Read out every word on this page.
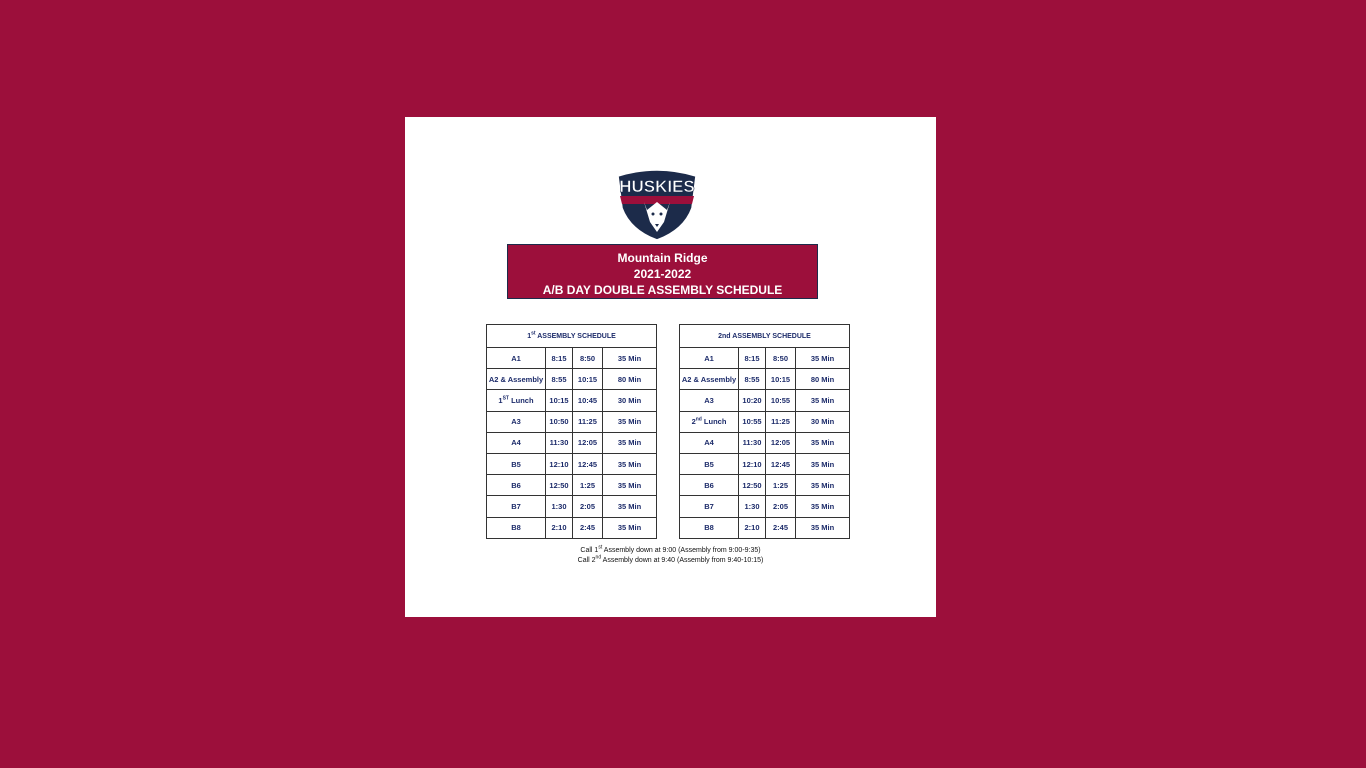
HUSKIES
Mountain Ridge
2021-2022
A/B DAY DOUBLE ASSEMBLY SCHEDULE
1st ASSEMBLY SCHEDULE			
A1	8:15	8:50	35 Min
A2 & Assembly	8:55	10:15	80 Min
1ST Lunch	10:15	10:45	30 Min
A3	10:50	11:25	35 Min
A4	11:30	12:05	35 Min
B5	12:10	12:45	35 Min
B6	12:50	1:25	35 Min
B7	1:30	2:05	35 Min
B8	2:10	2:45	35 Min
2nd ASSEMBLY SCHEDULE			
A1	8:15	8:50	35 Min
A2 & Assembly	8:55	10:15	80 Min
A3	10:20	10:55	35 Min
2nd Lunch	10:55	11:25	30 Min
A4	11:30	12:05	35 Min
B5	12:10	12:45	35 Min
B6	12:50	1:25	35 Min
B7	1:30	2:05	35 Min
B8	2:10	2:45	35 Min
Call 1st Assembly down at 9:00 (Assembly from 9:00-9:35)
Call 2nd Assembly down at 9:40 (Assembly from 9:40-10:15)
